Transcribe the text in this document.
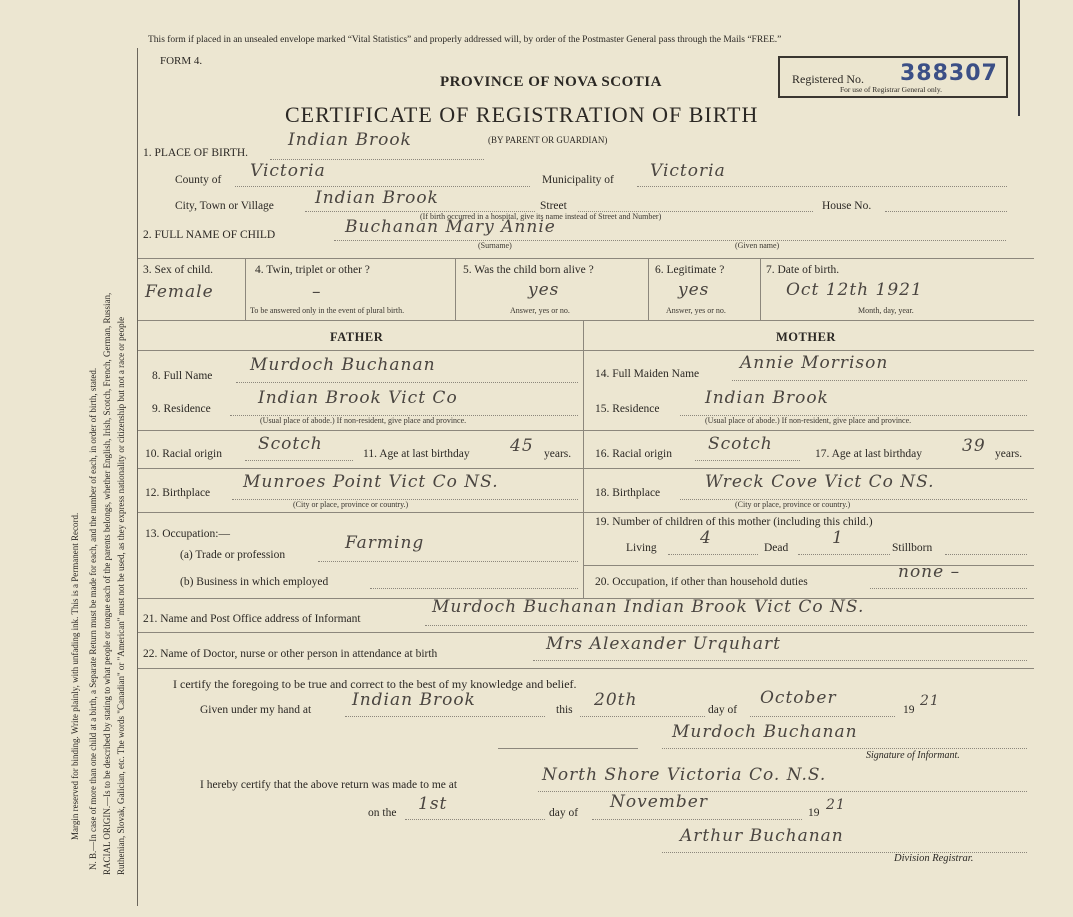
Margin reserved for binding. Write plainly, with unfading ink. This is a Permanent Record. N. B.—In case of more than one child at a birth, a Separate Return must be made for each, and the number of each, in order of birth, stated. RACIAL ORIGIN.—Is to be described by stating to what people or tongue each of the parents belongs, whether English, Irish, Scotch, French, German, Russian, Ruthenian, Slovak, Galician, etc. The words "Canadian" or "American" must not be used, as they express nationality or citizenship but not a race or people
This form if placed in an unsealed envelope marked “Vital Statistics” and properly addressed will, by order of the Postmaster General pass through the Mails “FREE.”
FORM 4.
PROVINCE OF NOVA SCOTIA
CERTIFICATE OF REGISTRATION OF BIRTH
Registered No. 388307
For use of Registrar General only.
1. PLACE OF BIRTH.
Indian Brook	(BY PARENT OR GUARDIAN)
County of Victoria	Municipality of Victoria
City, Town or Village Indian Brook	Street	House No.
(If birth occurred in a hospital, give its name instead of Street and Number)
2. FULL NAME OF CHILD	Buchanan Mary Annie
(Surname)	(Given name)
3. Sex of child.
Female
4. Twin, triplet or other ?
–
To be answered only in the event of plural birth.
5. Was the child born alive ?
yes
Answer, yes or no.
6. Legitimate ?
yes
Answer, yes or no.
7. Date of birth.
Oct 12th 1921
Month, day, year.
FATHER	MOTHER
8. Full Name
Murdoch Buchanan
9. Residence
Indian Brook Vict Co
(Usual place of abode.) If non-resident, give place and province.
10. Racial origin Scotch	11. Age at last birthday 45 years.
12. Birthplace
Munroes Point Vict Co NS.
(City or place, province or country.)
13. Occupation:—
(a) Trade or profession
Farming
(b) Business in which employed
14. Full Maiden Name
Annie Morrison
15. Residence
Indian Brook
(Usual place of abode.) If non-resident, give place and province.
16. Racial origin Scotch	17. Age at last birthday 39 years.
18. Birthplace
Wreck Cove Vict Co NS.
(City or place, province or country.)
19. Number of children of this mother (including this child.)
Living	4	Dead	1	Stillborn
20. Occupation, if other than household duties	none –
21. Name and Post Office address of Informant
Murdoch Buchanan Indian Brook Vict Co NS.
22. Name of Doctor, nurse or other person in attendance at birth	Mrs Alexander Urquhart
I certify the foregoing to be true and correct to the best of my knowledge and belief.
Given under my hand at Indian Brook	this 20th	day of
October
19
21
Murdoch Buchanan
Signature of Informant.
I hereby certify that the above return was made to me at	North Shore Victoria Co. N.S.
on the 1st	day of
November
19 21
Arthur Buchanan
Division Registrar.
